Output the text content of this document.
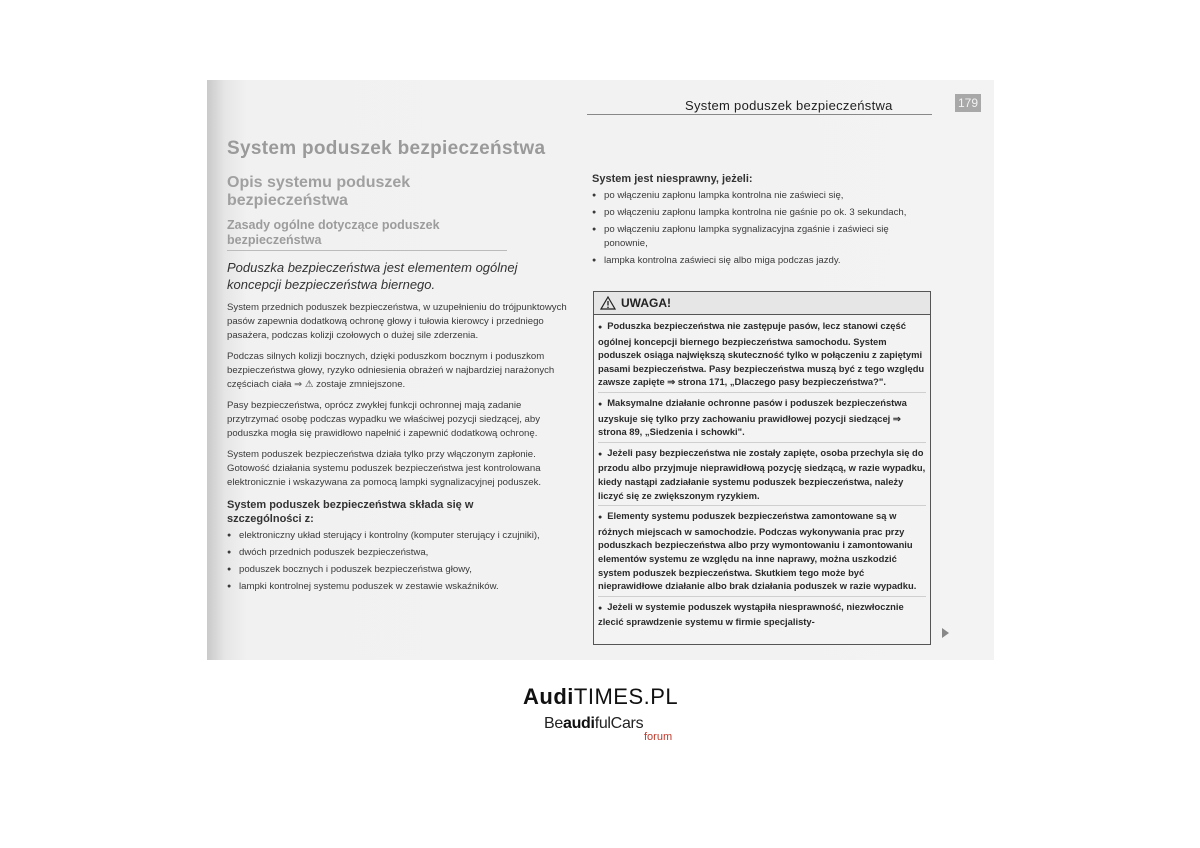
System poduszek bezpieczeństwa	179
System poduszek bezpieczeństwa
Opis systemu poduszek bezpieczeństwa
Zasady ogólne dotyczące poduszek bezpieczeństwa
Poduszka bezpieczeństwa jest elementem ogólnej koncepcji bezpieczeństwa biernego.

System przednich poduszek bezpieczeństwa, w uzupełnieniu do trójpunktowych pasów zapewnia dodatkową ochronę głowy i tułowia kierowcy i przedniego pasażera, podczas kolizji czołowych o dużej sile zderzenia.

Podczas silnych kolizji bocznych, dzięki poduszkom bocznym i poduszkom bezpieczeństwa głowy, ryzyko odniesienia obrażeń w najbardziej narażonych częściach ciała ⇒ ⚠ zostaje zmniejszone.

Pasy bezpieczeństwa, oprócz zwykłej funkcji ochronnej mają zadanie przytrzymać osobę podczas wypadku we właściwej pozycji siedzącej, aby poduszka mogła się prawidłowo napełnić i zapewnić dodatkową ochronę.

System poduszek bezpieczeństwa działa tylko przy włączonym zapłonie. Gotowość działania systemu poduszek bezpieczeństwa jest kontrolowana elektronicznie i wskazywana za pomocą lampki sygnalizacyjnej poduszek.

System poduszek bezpieczeństwa składa się w szczególności z:
● elektroniczny układ sterujący i kontrolny (komputer sterujący i czujniki),
● dwóch przednich poduszek bezpieczeństwa,
● poduszek bocznych i poduszek bezpieczeństwa głowy,
● lampki kontrolnej systemu poduszek w zestawie wskaźników.
System jest niesprawny, jeżeli:
● po włączeniu zapłonu lampka kontrolna nie zaświeci się,
● po włączeniu zapłonu lampka kontrolna nie gaśnie po ok. 3 sekundach,
● po włączeniu zapłonu lampka sygnalizacyjna zgaśnie i zaświeci się ponownie,
● lampka kontrolna zaświeci się albo miga podczas jazdy.
UWAGA!
● Poduszka bezpieczeństwa nie zastępuje pasów, lecz stanowi część ogólnej koncepcji biernego bezpieczeństwa samochodu. System poduszek osiąga największą skuteczność tylko w połączeniu z zapiętymi pasami bezpieczeństwa. Pasy bezpieczeństwa muszą być z tego względu zawsze zapięte ⇒ strona 171, „Dlaczego pasy bezpieczeństwa?".
● Maksymalne działanie ochronne pasów i poduszek bezpieczeństwa uzyskuje się tylko przy zachowaniu prawidłowej pozycji siedzącej ⇒ strona 89, „Siedzenia i schowki".
● Jeżeli pasy bezpieczeństwa nie zostały zapięte, osoba przechyla się do przodu albo przyjmuje nieprawidłową pozycję siedzącą, w razie wypadku, kiedy nastąpi zadziałanie systemu poduszek bezpieczeństwa, należy liczyć się ze zwiększonym ryzykiem.
● Elementy systemu poduszek bezpieczeństwa zamontowane są w różnych miejscach w samochodzie. Podczas wykonywania prac przy poduszkach bezpieczeństwa albo przy wymontowaniu i zamontowaniu elementów systemu ze względu na inne naprawy, można uszkodzić system poduszek bezpieczeństwa. Skutkiem tego może być nieprawidłowe działanie albo brak działania poduszek w razie wypadku.
● Jeżeli w systemie poduszek wystąpiła niesprawność, niezwłocznie zlecić sprawdzenie systemu w firmie specjalisty-
AudiTIMES.PL
BeaudifulCars
forum
